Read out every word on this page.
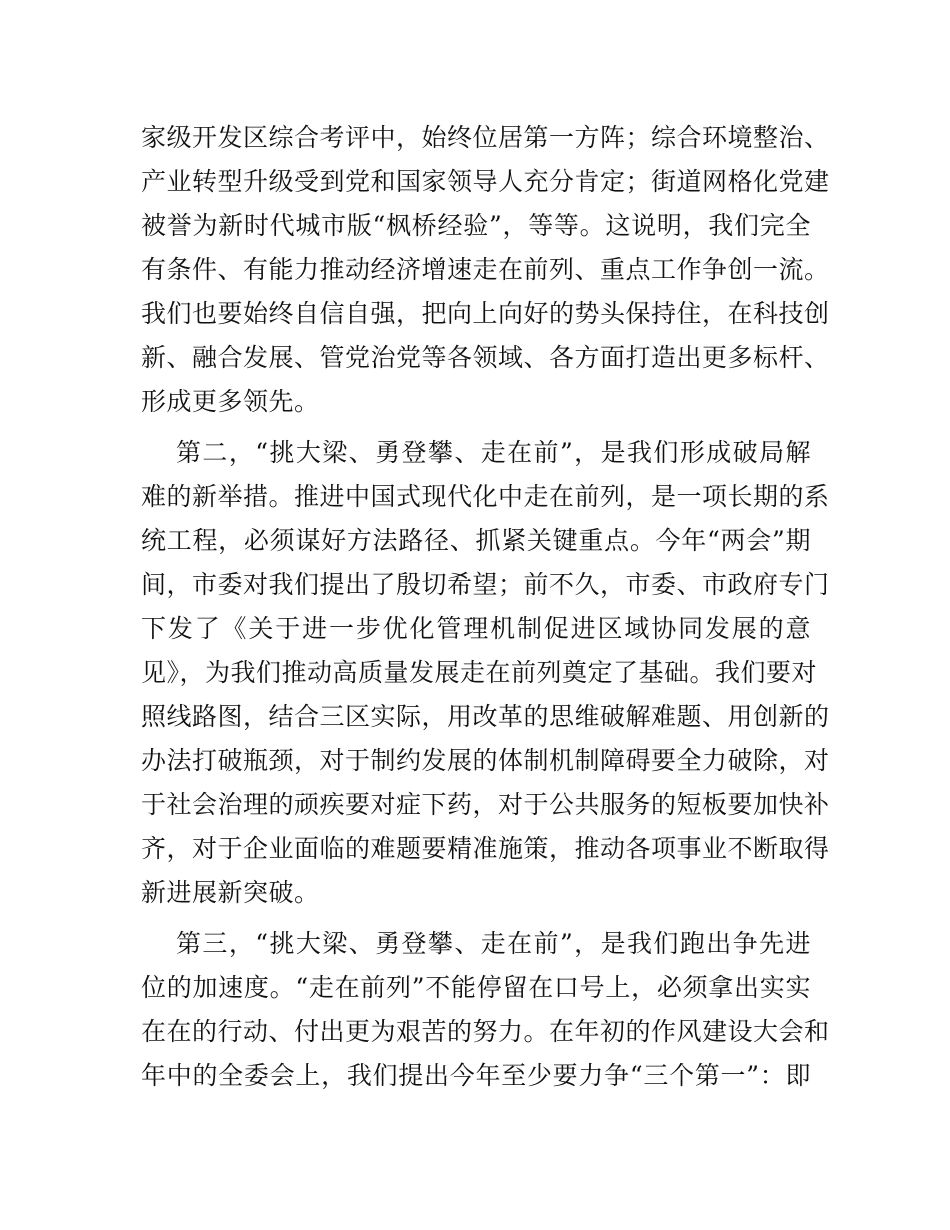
家级开发区综合考评中，始终位居第一方阵；综合环境整治、
产业转型升级受到党和国家领导人充分肯定；街道网格化党建
被誉为新时代城市版“枫桥经验”，等等。这说明，我们完全
有条件、有能力推动经济增速走在前列、重点工作争创一流。
我们也要始终自信自强，把向上向好的势头保持住，在科技创
新、融合发展、管党治党等各领域、各方面打造出更多标杆、
形成更多领先。
第二，“挑大梁、勇登攀、走在前”，是我们形成破局解
难的新举措。推进中国式现代化中走在前列，是一项长期的系
统工程，必须谋好方法路径、抓紧关键重点。今年“两会”期
间，市委对我们提出了殷切希望；前不久，市委、市政府专门
下发了《关于进一步优化管理机制促进区域协同发展的意
见》，为我们推动高质量发展走在前列奠定了基础。我们要对
照线路图，结合三区实际，用改革的思维破解难题、用创新的
办法打破瓶颈，对于制约发展的体制机制障碍要全力破除，对
于社会治理的顽疾要对症下药，对于公共服务的短板要加快补
齐，对于企业面临的难题要精准施策，推动各项事业不断取得
新进展新突破。
第三，“挑大梁、勇登攀、走在前”，是我们跑出争先进
位的加速度。“走在前列”不能停留在口号上，必须拿出实实
在在的行动、付出更为艰苦的努力。在年初的作风建设大会和
年中的全委会上，我们提出今年至少要力争“三个第一”：即
